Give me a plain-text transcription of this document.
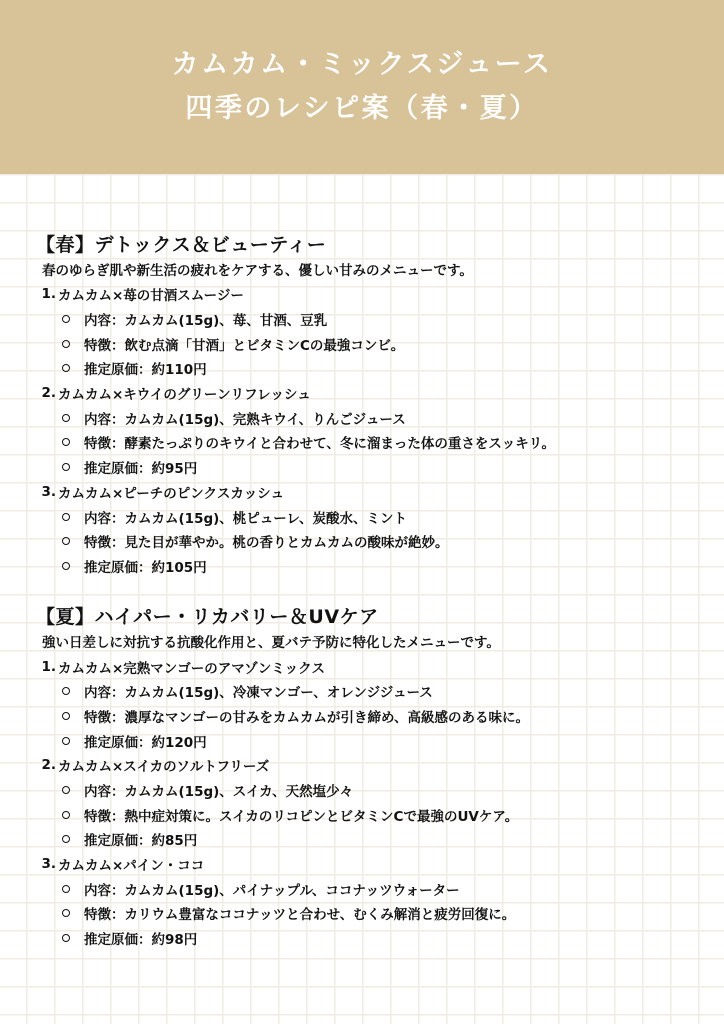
カムカム・ミックスジュース
四季のレシピ案（春・夏）
【春】デトックス＆ビューティー
春のゆらぎ肌や新生活の疲れをケアする、優しい甘みのメニューです。
1. カムカム×苺の甘酒スムージー
内容：カムカム(15g)、苺、甘酒、豆乳
特徴：飲む点滴「甘酒」とビタミンCの最強コンビ。
推定原価：約110円
2. カムカム×キウイのグリーンリフレッシュ
内容：カムカム(15g)、完熟キウイ、りんごジュース
特徴：酵素たっぷりのキウイと合わせて、冬に溜まった体の重さをスッキリ。
推定原価：約95円
3. カムカム×ピーチのピンクスカッシュ
内容：カムカム(15g)、桃ピューレ、炭酸水、ミント
特徴：見た目が華やか。桃の香りとカムカムの酸味が絶妙。
推定原価：約105円
【夏】ハイパー・リカバリー＆UVケア
強い日差しに対抗する抗酸化作用と、夏バテ予防に特化したメニューです。
1. カムカム×完熟マンゴーのアマゾンミックス
内容：カムカム(15g)、冷凍マンゴー、オレンジジュース
特徴：濃厚なマンゴーの甘みをカムカムが引き締め、高級感のある味に。
推定原価：約120円
2. カムカム×スイカのソルトフリーズ
内容：カムカム(15g)、スイカ、天然塩少々
特徴：熱中症対策に。スイカのリコピンとビタミンCで最強のUVケア。
推定原価：約85円
3. カムカム×パイン・ココ
内容：カムカム(15g)、パイナップル、ココナッツウォーター
特徴：カリウム豊富なココナッツと合わせ、むくみ解消と疲労回復に。
推定原価：約98円
